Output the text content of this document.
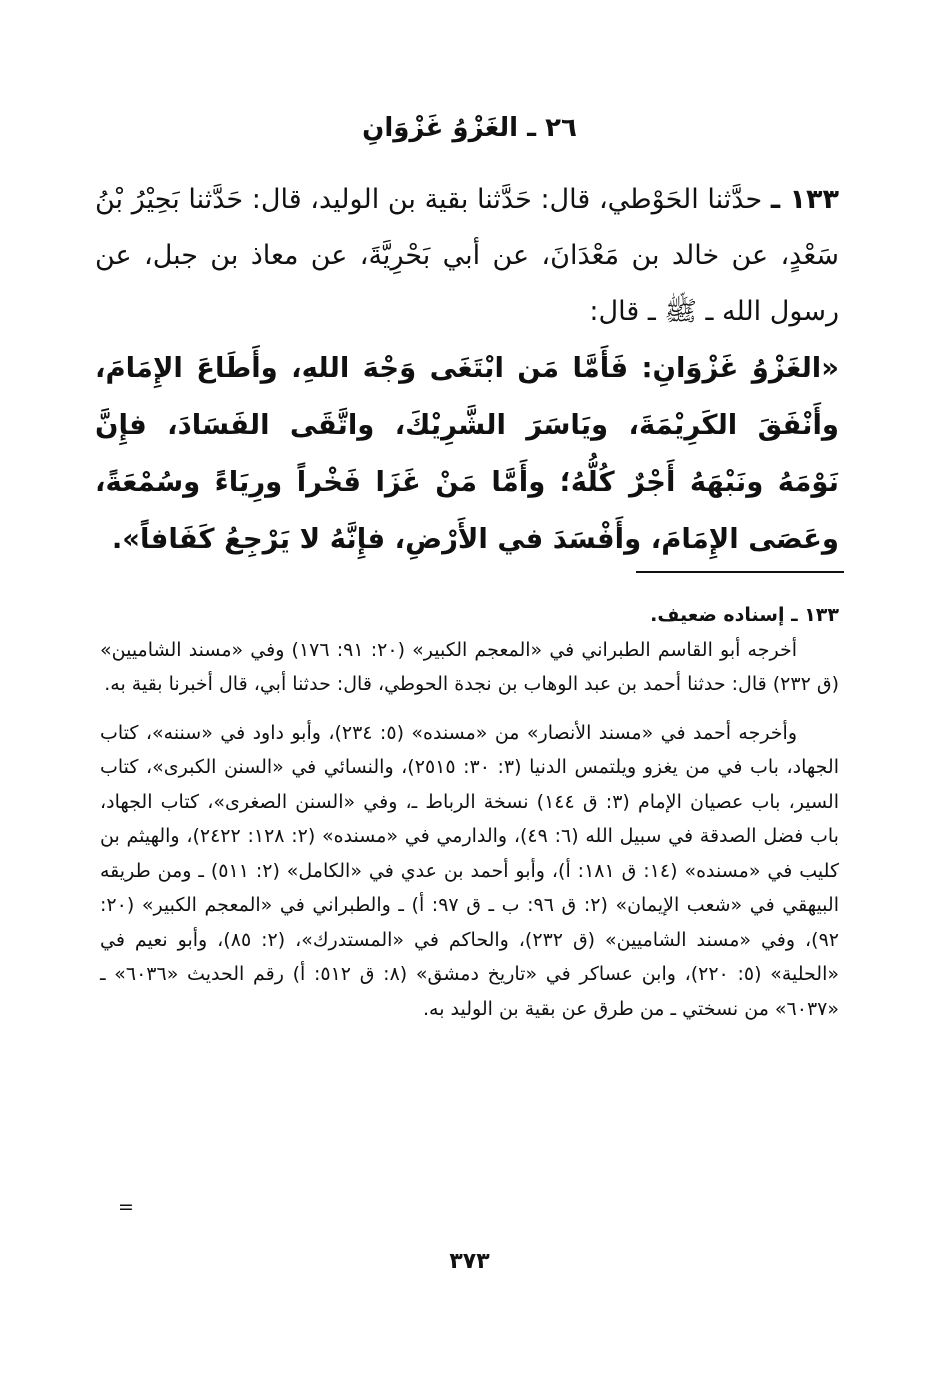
٢٦ ـ الغَزْوُ غَزْوَانِ

١٣٣ ـ حدَّثنا الحَوْطي، قال: حَدَّثنا بقية بن الوليد، قال: حَدَّثنا بَحِيْرُ بْنُ سَعْدٍ، عن خالد بن مَعْدَانَ، عن أبي بَحْرِيَّةَ، عن معاذ بن جبل، عن رسول الله ـ ﷺ ـ قال:

«الغَزْوُ غَزْوَانِ: فَأَمَّا مَن ابْتَغَى وَجْهَ اللهِ، وأَطَاعَ الإِمَامَ، وأَنْفَقَ الكَرِيْمَةَ، ويَاسَرَ الشَّرِيْكَ، واتَّقَى الفَسَادَ، فإِنَّ نَوْمَهُ ونَبْهَهُ أَجْرٌ كُلُّهُ؛ وأَمَّا مَنْ غَزَا فَخْراً ورِيَاءً وسُمْعَةً، وعَصَى الإِمَامَ، وأَفْسَدَ في الأَرْضِ، فإِنَّهُ لا يَرْجِعُ كَفَافاً».

١٣٣ ـ إسناده ضعيف.

أخرجه أبو القاسم الطبراني في «المعجم الكبير» (٢٠: ٩١: ١٧٦) وفي «مسند الشاميين» (ق ٢٣٢) قال: حدثنا أحمد بن عبد الوهاب بن نجدة الحوطي، قال: حدثنا أبي، قال أخبرنا بقية به.

وأخرجه أحمد في «مسند الأنصار» من «مسنده» (٥: ٢٣٤)، وأبو داود في «سننه»، كتاب الجهاد، باب في من يغزو ويلتمس الدنيا (٣: ٣٠: ٢٥١٥)، والنسائي في «السنن الكبرى»، كتاب السير، باب عصيان الإمام (٣: ق ١٤٤) نسخة الرباط ـ، وفي «السنن الصغرى»، كتاب الجهاد، باب فضل الصدقة في سبيل الله (٦: ٤٩)، والدارمي في «مسنده» (٢: ١٢٨: ٢٤٢٢)، والهيثم بن كليب في «مسنده» (١٤: ق ١٨١: أ)، وأبو أحمد بن عدي في «الكامل» (٢: ٥١١) ـ ومن طريقه البيهقي في «شعب الإيمان» (٢: ق ٩٦: ب ـ ق ٩٧: أ) ـ والطبراني في «المعجم الكبير» (٢٠: ٩٢)، وفي «مسند الشاميين» (ق ٢٣٢)، والحاكم في «المستدرك»، (٢: ٨٥)، وأبو نعيم في «الحلية» (٥: ٢٢٠)، وابن عساكر في «تاريخ دمشق» (٨: ق ٥١٢: أ) رقم الحديث «٦٠٣٦» ـ «٦٠٣٧» من نسختي ـ من طرق عن بقية بن الوليد به.

=

٣٧٣
